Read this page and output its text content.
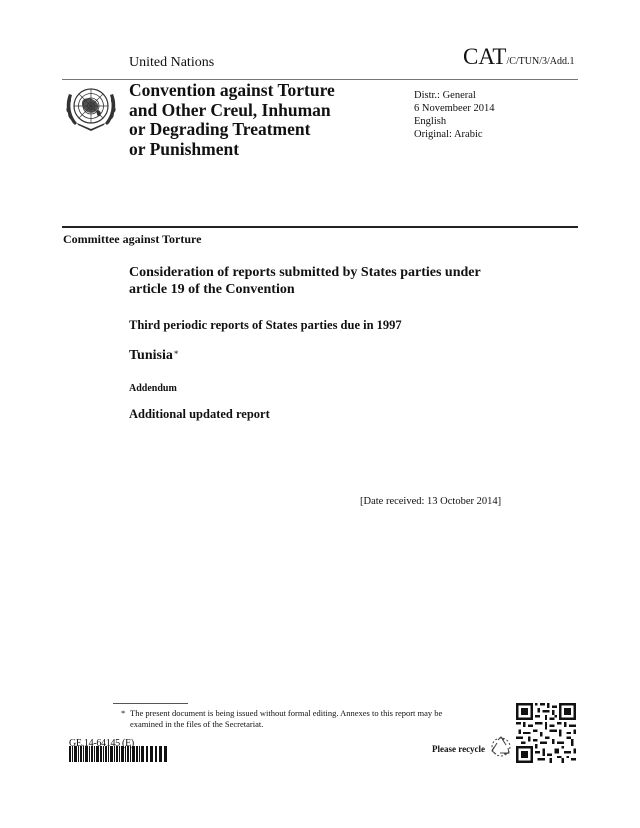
United Nations	CAT/C/TUN/3/Add.1
Convention against Torture
and Other Creul, Inhuman
or Degrading Treatment
or Punishment
Distr.: General
6 Novembeer 2014
English
Original: Arabic
Committee against Torture
Consideration of reports submitted by States parties under
article 19 of the Convention
Third periodic reports of States parties due in 1997
Tunisia*
Addendum
Additional updated report
[Date received: 13 October 2014]
* The present document is being issued without formal editing. Annexes to this report may be
examined in the files of the Secretariat.
GE.14-64145 (E)	Please recycle
